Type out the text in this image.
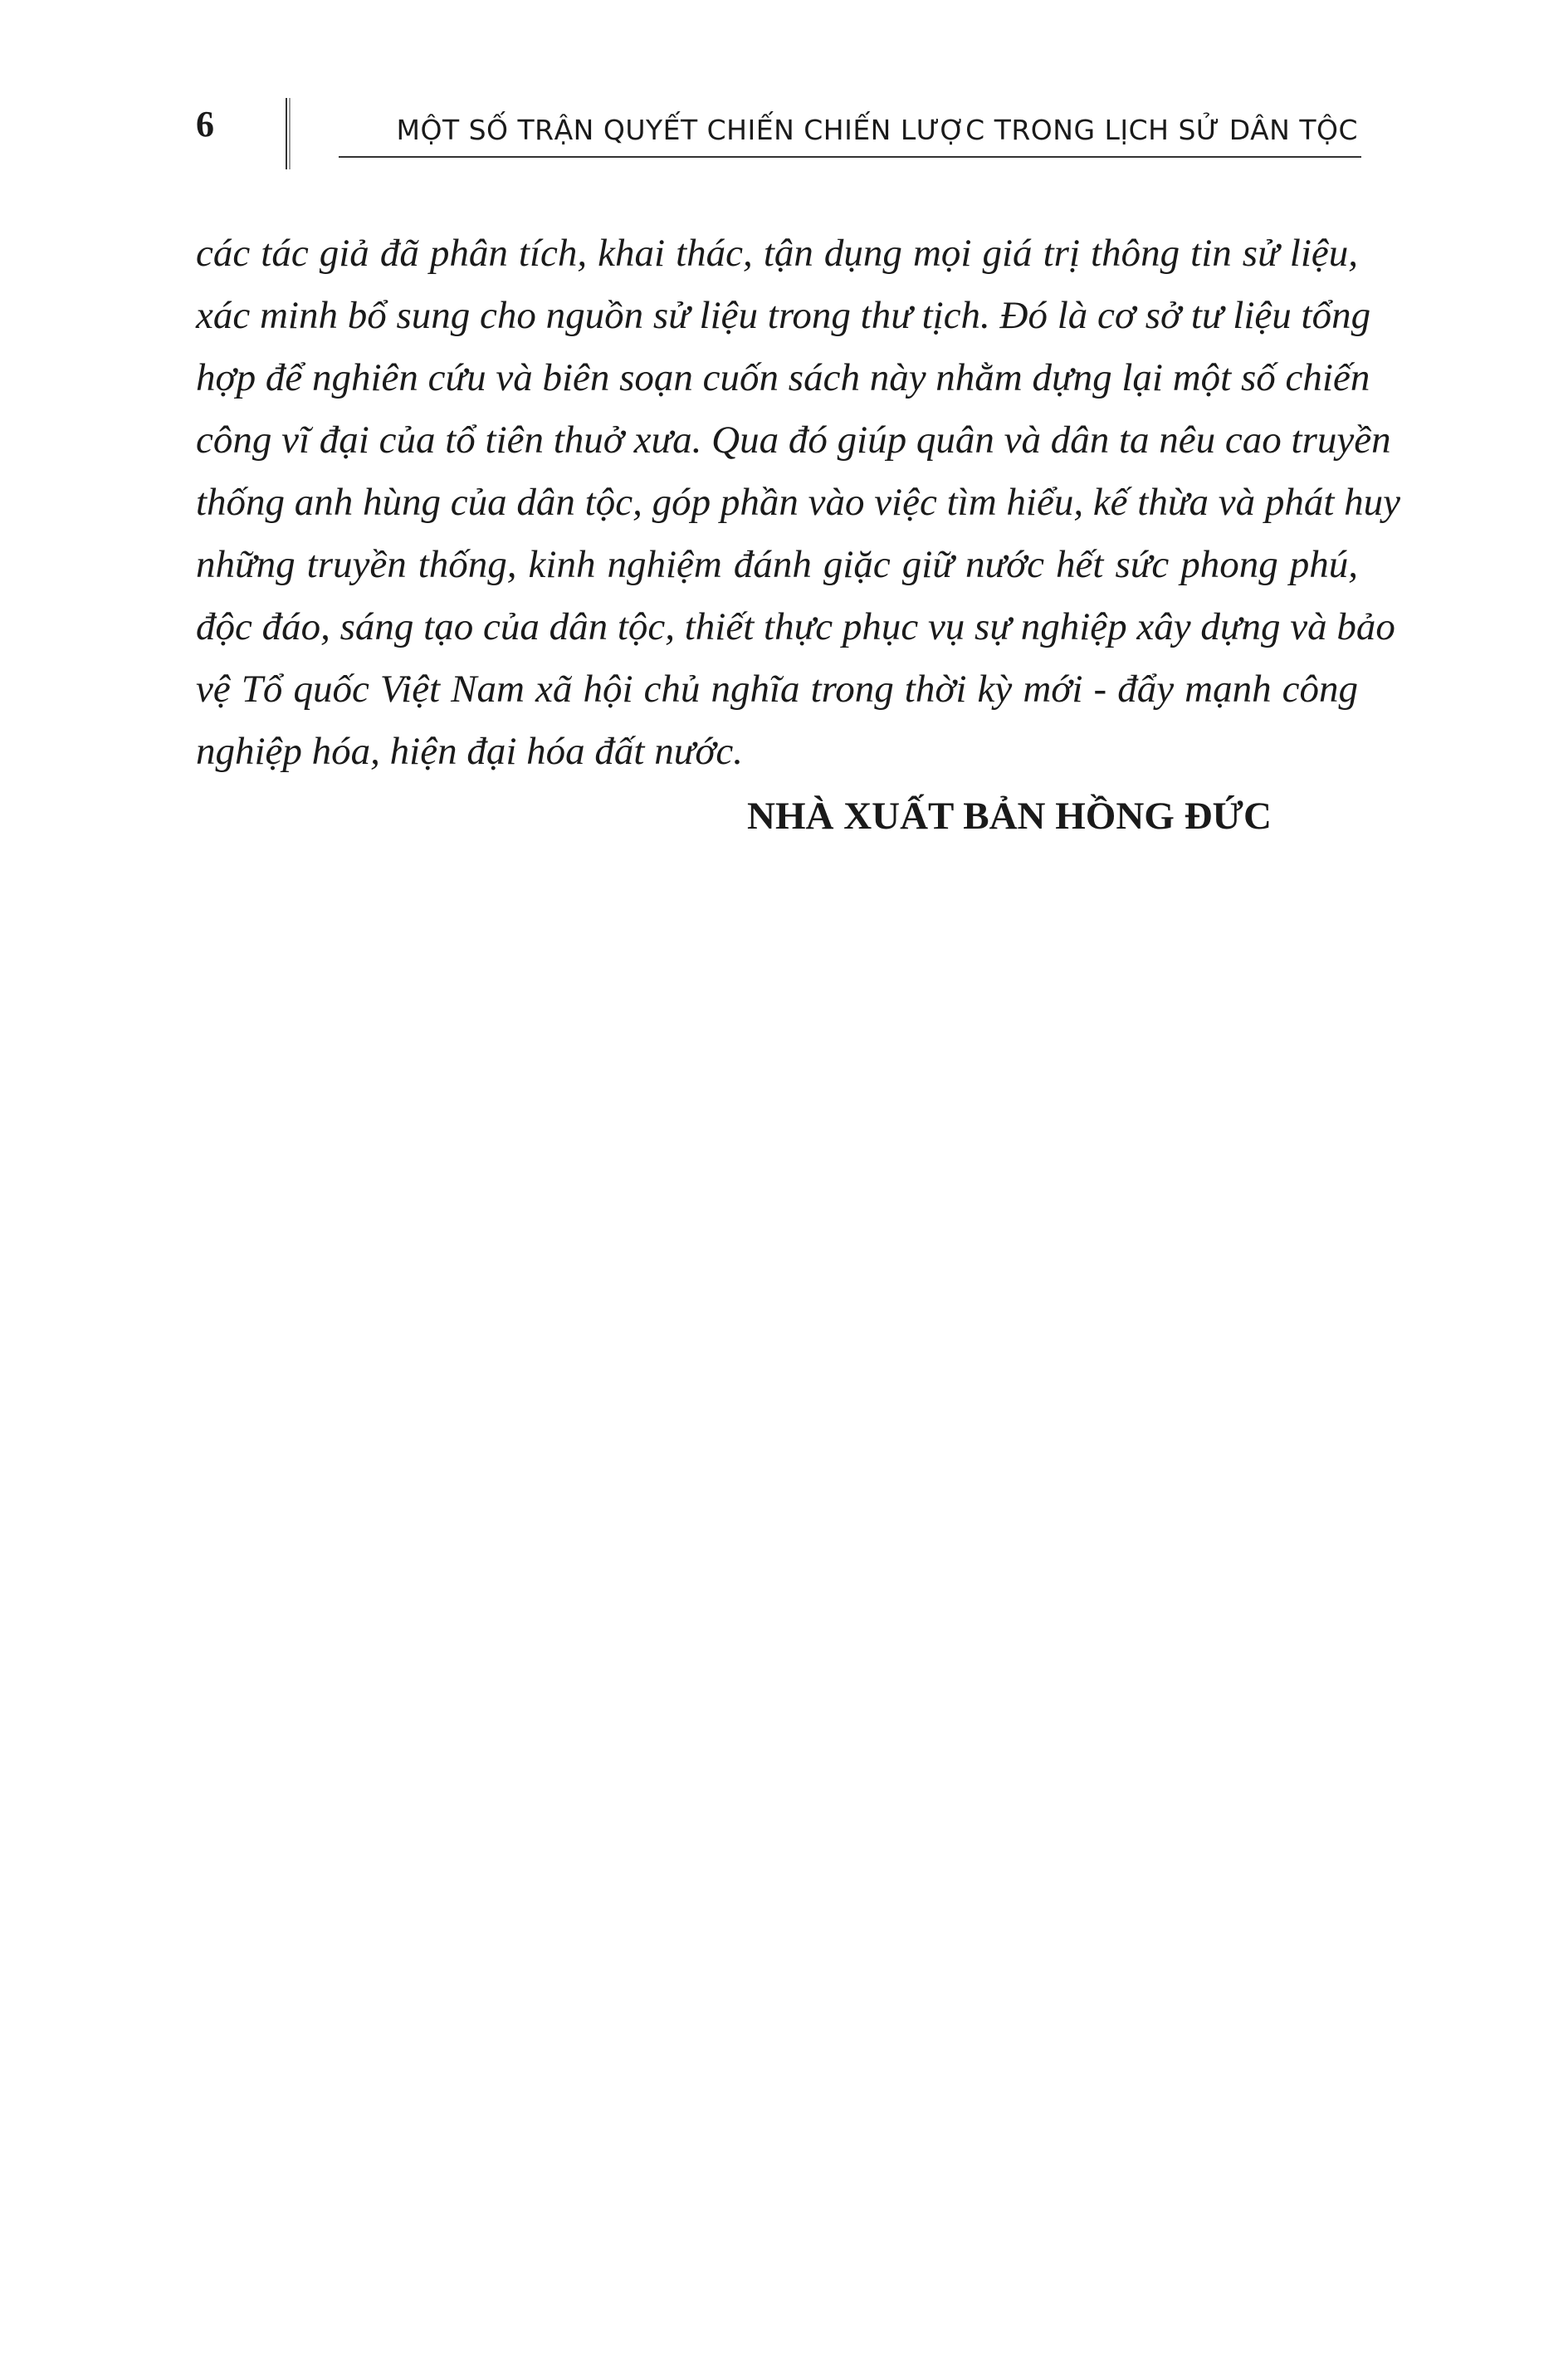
6	MỘT SỐ TRẬN QUYẾT CHIẾN CHIẾN LƯỢC TRONG LỊCH SỬ DÂN TỘC
các tác giả đã phân tích, khai thác, tận dụng mọi giá trị thông tin sử liệu,
xác minh bổ sung cho nguồn sử liệu trong thư tịch. Đó là cơ sở tư liệu tổng
hợp để nghiên cứu và biên soạn cuốn sách này nhằm dựng lại một số chiến
công vĩ đại của tổ tiên thuở xưa. Qua đó giúp quân và dân ta nêu cao truyền
thống anh hùng của dân tộc, góp phần vào việc tìm hiểu, kế thừa và phát huy
những truyền thống, kinh nghiệm đánh giặc giữ nước hết sức phong phú,
độc đáo, sáng tạo của dân tộc, thiết thực phục vụ sự nghiệp xây dựng và bảo
vệ Tổ quốc Việt Nam xã hội chủ nghĩa trong thời kỳ mới - đẩy mạnh công
nghiệp hóa, hiện đại hóa đất nước.
NHÀ XUẤT BẢN HỒNG ĐỨC
